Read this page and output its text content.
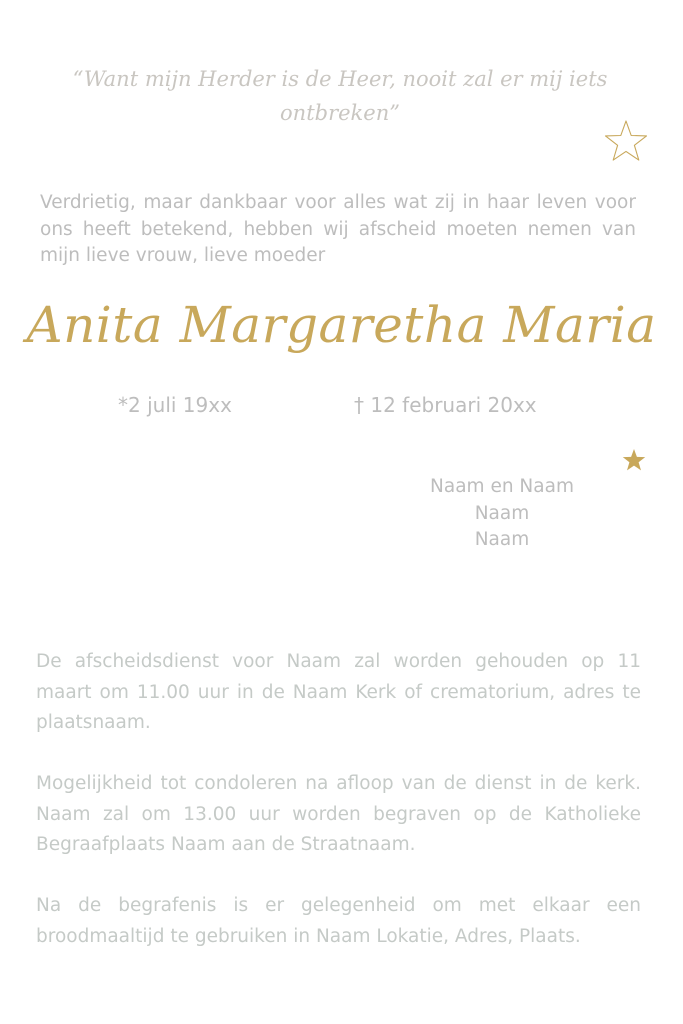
“Want mijn Herder is de Heer, nooit zal er mij iets ontbreken”
Verdrietig, maar dankbaar voor alles wat zij in haar leven voor ons heeft betekend, hebben wij afscheid moeten nemen van mijn lieve vrouw, lieve moeder
Anita Margaretha Maria
*2 juli 19xx	† 12 februari 20xx
Naam en Naam
Naam
Naam
De afscheidsdienst voor Naam zal worden gehouden op 11 maart om 11.00 uur in de Naam Kerk of crematorium, adres te plaatsnaam.
Mogelijkheid tot condoleren na afloop van de dienst in de kerk. Naam zal om 13.00 uur worden begraven op de Katholieke Begraafplaats Naam aan de Straatnaam.
Na de begrafenis is er gelegenheid om met elkaar een broodmaaltijd te gebruiken in Naam Lokatie, Adres, Plaats.
